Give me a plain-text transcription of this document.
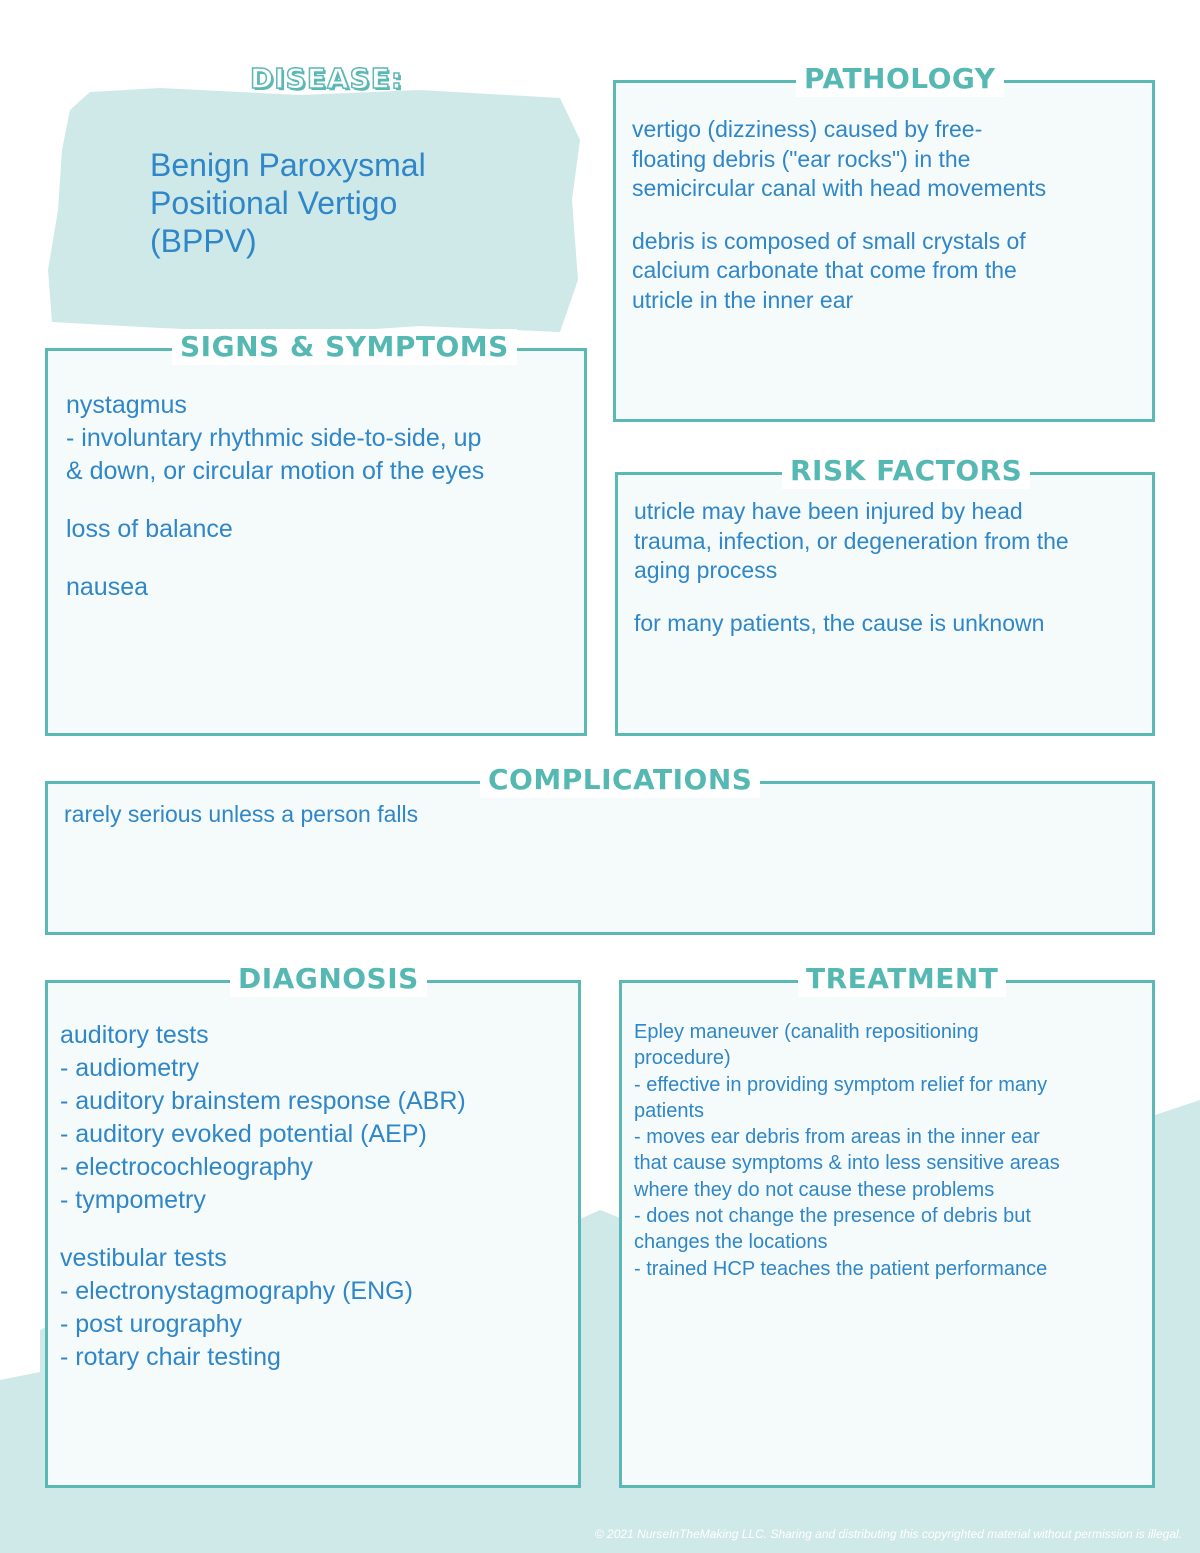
DISEASE:
Benign Paroxysmal
Positional Vertigo
(BPPV)
PATHOLOGY

vertigo (dizziness) caused by free-

floating debris ("ear rocks") in the

semicircular canal with head movements

debris is composed of small crystals of

calcium carbonate that come from the

utricle in the inner ear

SIGNS & SYMPTOMS

nystagmus

- involuntary rhythmic side-to-side, up

& down, or circular motion of the eyes

loss of balance

nausea

RISK FACTORS

utricle may have been injured by head

trauma, infection, or degeneration from the

aging process

for many patients, the cause is unknown

COMPLICATIONS

rarely serious unless a person falls

DIAGNOSIS

auditory tests

- audiometry

- auditory brainstem response (ABR)

- auditory evoked potential (AEP)

- electrocochleography

- tympometry

vestibular tests

- electronystagmography (ENG)

- post urography

- rotary chair testing

TREATMENT

Epley maneuver (canalith repositioning

procedure)

- effective in providing symptom relief for many

patients

- moves ear debris from areas in the inner ear

that cause symptoms & into less sensitive areas

where they do not cause these problems

- does not change the presence of debris but

changes the locations

- trained HCP teaches the patient performance

© 2021 NurseInTheMaking LLC. Sharing and distributing this copyrighted material without permission is illegal.
